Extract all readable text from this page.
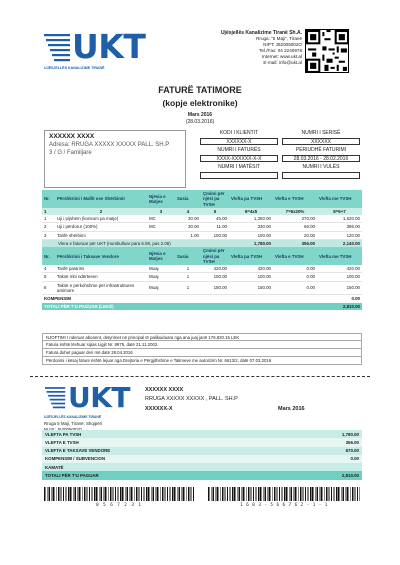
UKT
UJËSJELLËS KANALIZIME TIRANË
Ujësjellës Kanalizime Tiranë Sh.A.
Rruga: "5 Maji", Tiranë
NIPT: J62005002O
Tel./Fax: 04 2240978
Internet: www.ukt.al
E-mail: info@ukt.al
FATURË TATIMORE
(kopje elektronike)
Mars 2016
(28.03.2016)
XXXXXX XXXX
Adresa: RRUGA XXXXX XXXXX PALL. SH.P
3 / G / Familjare
KODI I KLIENTIT	NUMRI I SERISË
XXXXXX-X	XXXXXX
NUMRI I FATURËS	PERIUDHË FATURIMI
XXXX-XXXXXX-X-X	28.03.2016 - 28.02.2016
NUMRI I MATËSIT	NUMRI I VULËS
Nr.	Përshkrimi i Mallit ose Shërbimit	Njësia e Matjes	Sasia	Çmimi për njësi pa TVSH	Vlefta pa TVSH	Vlefta e TVSH	Vlefta me TVSH
1	2	3	4	5	6=4x5	7=6x20%	8=6+7
1	Uji i pijshëm (konsum pa matje)	MC	30.00	45.00	1,350.00	270.00	1,620.00
2	Uji i përdorur (100%)	MC	30.00	11.00	330.00	66.00	396.00
3	Tarifë shërbimi		1.00	100.00	100.00	20.00	120.00
Vlera e faturuar për UKT (numbulluar para 6.08, pas 2.08)					1,780.00	356.00	2,140.00
Nr.	Përshkrimi i Taksave Vendore	Njësia e Matjes	Sasia	Çmimi për njësi pa TVSH	Vlefta pa TVSH	Vlefta e TVSH	Vlefta me TVSH
4	Tarifë pastrimi	Muaj	1	420.00	420.00	0.00	420.00
5	Taksë mbi ndërtesen	Muaj	1	100.00	100.00	0.00	100.00
6	Taksë e përkohshme për infrastrukturen arsimore	Muaj	1	150.00	150.00	0.00	150.00
KOMPENSIM							0.00
TOTALI PËR T'U PAGUAR (LEKË)							2,810.00
NJOFTIM! I nderuar abonent, detyrimet në principal të palikuiduara nga ana juaj janë 176,820.15 LEK
Fatura është lëshuar sipas Ligjit Nr. 8975, datë 21.11.2002.
Fatura duhet paguar deri më datë 28.04.2016
Përdorimi i kësaj fature është lejuar nga Drejtoria e Përgjithshme e Tatimeve me autorizim Nr. 6613/2, datë 07.03.2016
UKT
UJËSJELLËS KANALIZIME TIRANË
Rruga 5 Maji, Tiranë, Shqipëri
XXXXXX XXXX
RRUGA XXXXX XXXXX , PALL. SH.P
XXXXXX-X	Mars 2016
VLEFTA PA TVSH	1,780.00
VLEFTA E TVSH	356.00
VLEFTA E TAKSAVE VENDORE	670.00
KOMPENSIM / SUBVENCION	0.00
KAMATË	
TOTALI PËR T'U PAGUAR	2,810.00
0 5 6 7 2 3 1	1 6 0 3 - 5 6 6 7 6 2 - 1 - 1
